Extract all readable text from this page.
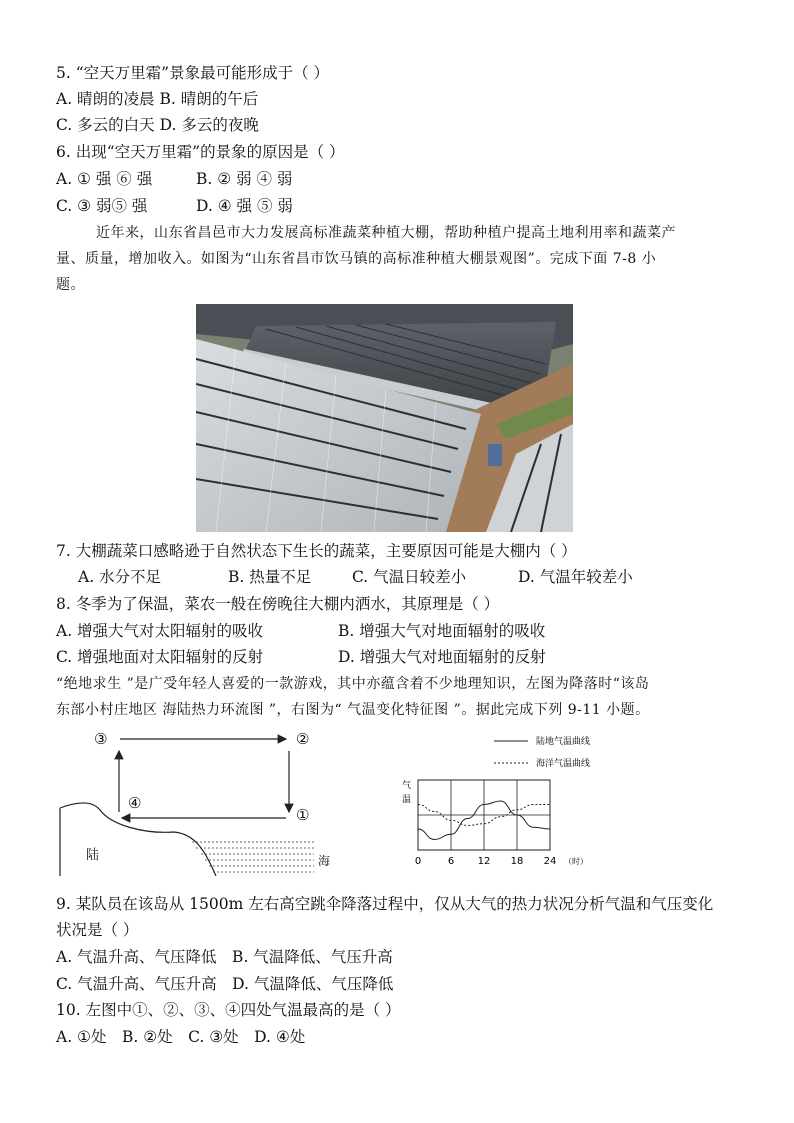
5. “空天万里霜”景象最可能形成于（ ）
A. 晴朗的凌晨 B. 晴朗的午后
C. 多云的白天 D. 多云的夜晚
6. 出现“空天万里霜”的景象的原因是（ ）
A. ① 强 ⑥ 强	B. ② 弱 ④ 弱
C. ③ 弱⑤ 强	D. ④ 强 ⑤ 弱
近年来，山东省昌邑市大力发展高标准蔬菜种植大棚，帮助种植户提高土地利用率和蔬菜产
量、质量，增加收入。如图为“山东省昌市饮马镇的高标准种植大棚景观图”。完成下面 7-8 小
题。
7. 大棚蔬菜口感略逊于自然状态下生长的蔬菜，主要原因可能是大棚内（ ）
A. 水分不足	B. 热量不足	C. 气温日较差小	D. 气温年较差小
8. 冬季为了保温，菜农一般在傍晚往大棚内洒水，其原理是（ ）
A. 增强大气对太阳辐射的吸收	B. 增强大气对地面辐射的吸收
C. 增强地面对太阳辐射的反射	D. 增强大气对地面辐射的反射
“绝地求生 ”是广受年轻人喜爱的一款游戏，其中亦蕴含着不少地理知识，左图为降落时“该岛
东部小村庄地区 海陆热力环流图 ”，右图为“ 气温变化特征图 ”。据此完成下列 9-11 小题。
③	②
①
④
陆	海
陆地气温曲线
海洋气温曲线
气
温
0	6 12 18 24 （时）
9. 某队员在该岛从 1500m 左右高空跳伞降落过程中，仅从大气的热力状况分析气温和气压变化
状况是（ ）
A. 气温升高、气压降低　B. 气温降低、气压升高
C. 气温升高、气压升高　D. 气温降低、气压降低
10. 左图中①、②、③、④四处气温最高的是（ ）
A. ①处　B. ②处　C. ③处　D. ④处
